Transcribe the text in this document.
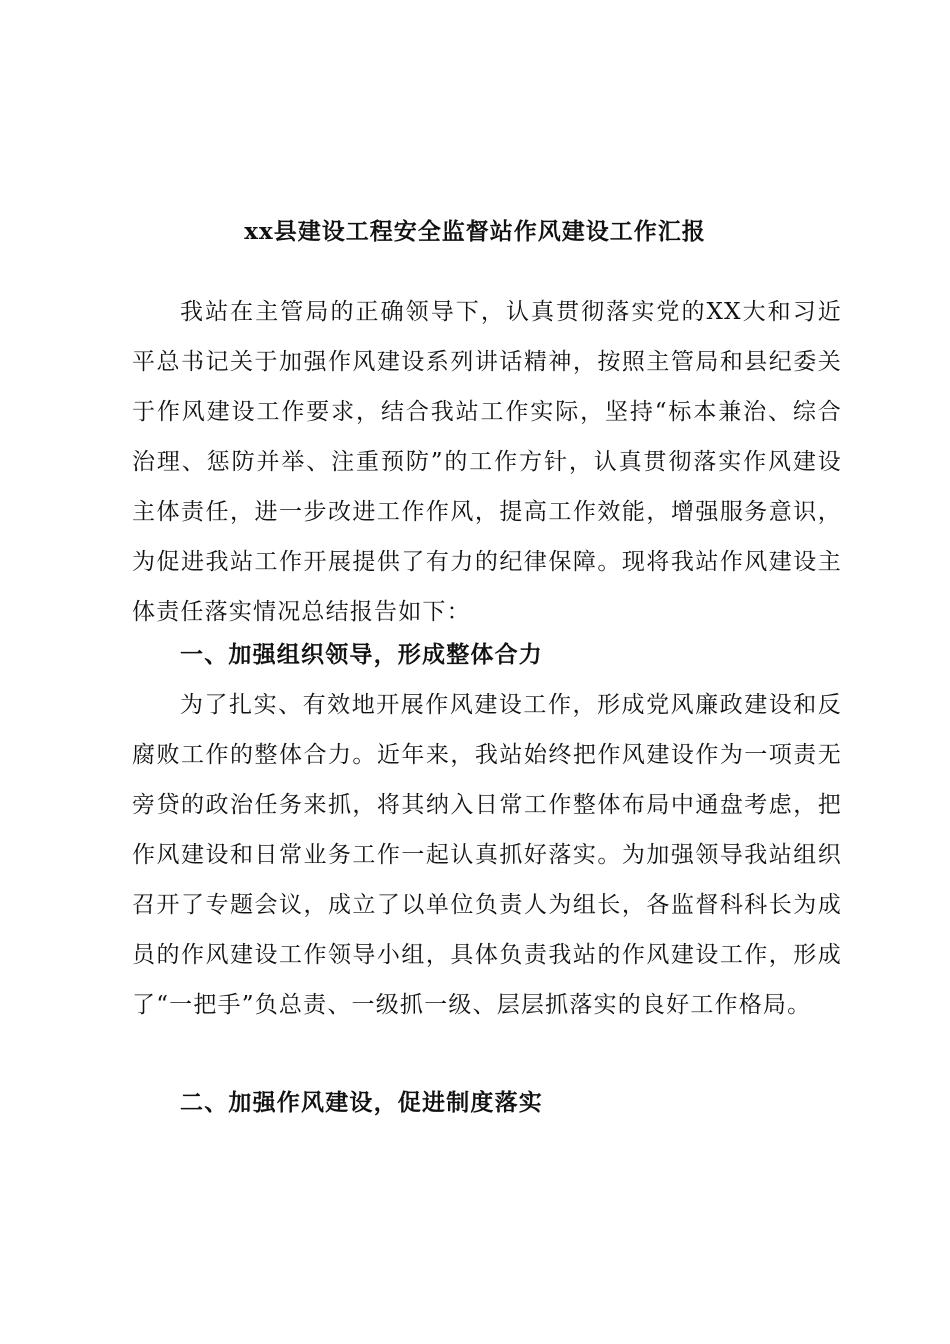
xx县建设工程安全监督站作风建设工作汇报

我站在主管局的正确领导下，认真贯彻落实党的XX大和习近平总书记关于加强作风建设系列讲话精神，按照主管局和县纪委关于作风建设工作要求，结合我站工作实际，坚持“标本兼治、综合治理、惩防并举、注重预防”的工作方针，认真贯彻落实作风建设主体责任，进一步改进工作作风，提高工作效能，增强服务意识，为促进我站工作开展提供了有力的纪律保障。现将我站作风建设主体责任落实情况总结报告如下：

一、加强组织领导，形成整体合力

为了扎实、有效地开展作风建设工作，形成党风廉政建设和反腐败工作的整体合力。近年来，我站始终把作风建设作为一项责无旁贷的政治任务来抓，将其纳入日常工作整体布局中通盘考虑，把作风建设和日常业务工作一起认真抓好落实。为加强领导我站组织召开了专题会议，成立了以单位负责人为组长，各监督科科长为成员的作风建设工作领导小组，具体负责我站的作风建设工作，形成了“一把手”负总责、一级抓一级、层层抓落实的良好工作格局。

二、加强作风建设，促进制度落实
